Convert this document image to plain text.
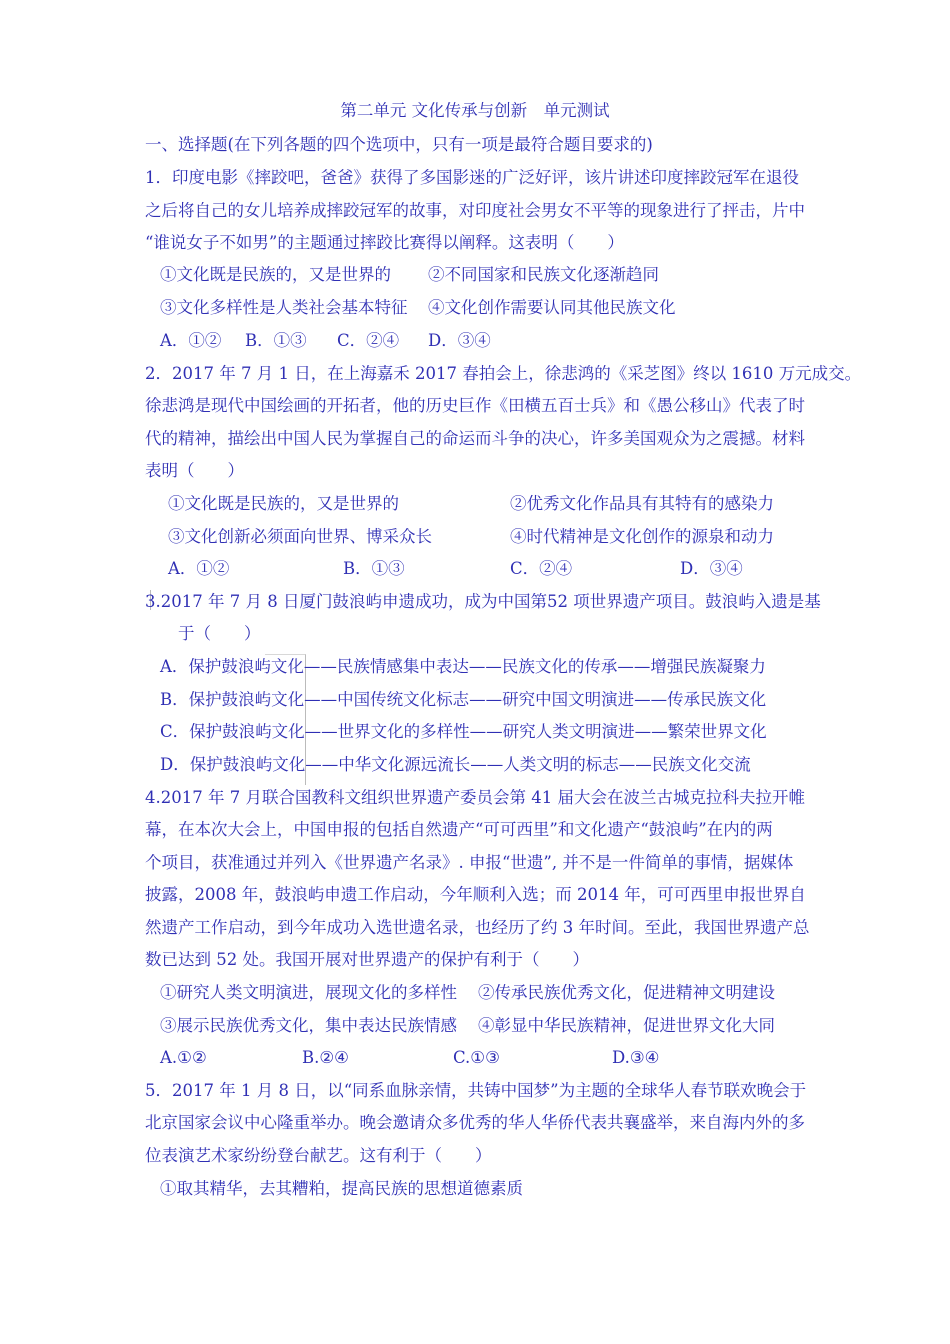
第二单元 文化传承与创新　单元测试
一、选择题(在下列各题的四个选项中，只有一项是最符合题目要求的)
1．印度电影《摔跤吧，爸爸》获得了多国影迷的广泛好评，该片讲述印度摔跤冠军在退役
之后将自己的女儿培养成摔跤冠军的故事，对印度社会男女不平等的现象进行了抨击，片中
“谁说女子不如男”的主题通过摔跤比赛得以阐释。这表明（　　）
①文化既是民族的，又是世界的 ②不同国家和民族文化逐渐趋同
③文化多样性是人类社会基本特征 ④文化创作需要认同其他民族文化
A．①② B．①③ C．②④ D．③④
2．2017 年 7 月 1 日，在上海嘉禾 2017 春拍会上，徐悲鸿的《采芝图》终以 1610 万元成交。
徐悲鸿是现代中国绘画的开拓者，他的历史巨作《田横五百士兵》和《愚公移山》代表了时
代的精神，描绘出中国人民为掌握自己的命运而斗争的决心，许多美国观众为之震撼。材料
表明（　　）
①文化既是民族的，又是世界的	②优秀文化作品具有其特有的感染力
③文化创新必须面向世界、博采众长	④时代精神是文化创作的源泉和动力
A．①②	B．①③	C．②④	D．③④
3.2017 年 7 月 8 日厦门鼓浪屿申遗成功，成为中国第52 项世界遗产项目。鼓浪屿入遗是基
于（　　）
A．保护鼓浪屿文化——民族情感集中表达——民族文化的传承——增强民族凝聚力
B．保护鼓浪屿文化——中国传统文化标志——研究中国文明演进——传承民族文化
C．保护鼓浪屿文化——世界文化的多样性——研究人类文明演进——繁荣世界文化
D．保护鼓浪屿文化——中华文化源远流长——人类文明的标志——民族文化交流
4.2017 年 7 月联合国教科文组织世界遗产委员会第 41 届大会在波兰古城克拉科夫拉开帷
幕，在本次大会上，中国申报的包括自然遗产“可可西里”和文化遗产“鼓浪屿”在内的两
个项目，获准通过并列入《世界遗产名录》. 申报“世遗”, 并不是一件简单的事情，据媒体
披露，2008 年，鼓浪屿申遗工作启动，今年顺利入选；而 2014 年，可可西里申报世界自
然遗产工作启动，到今年成功入选世遗名录，也经历了约 3 年时间。至此，我国世界遗产总
数已达到 52 处。我国开展对世界遗产的保护有利于（　　）
①研究人类文明演进，展现文化的多样性 ②传承民族优秀文化，促进精神文明建设
③展示民族优秀文化，集中表达民族情感 ④彰显中华民族精神，促进世界文化大同
A.①②	B.②④	C.①③	D.③④
5．2017 年 1 月 8 日，以“同系血脉亲情，共铸中国梦”为主题的全球华人春节联欢晚会于
北京国家会议中心隆重举办。晚会邀请众多优秀的华人华侨代表共襄盛举，来自海内外的多
位表演艺术家纷纷登台献艺。这有利于（　　）
①取其精华，去其糟粕，提高民族的思想道德素质
